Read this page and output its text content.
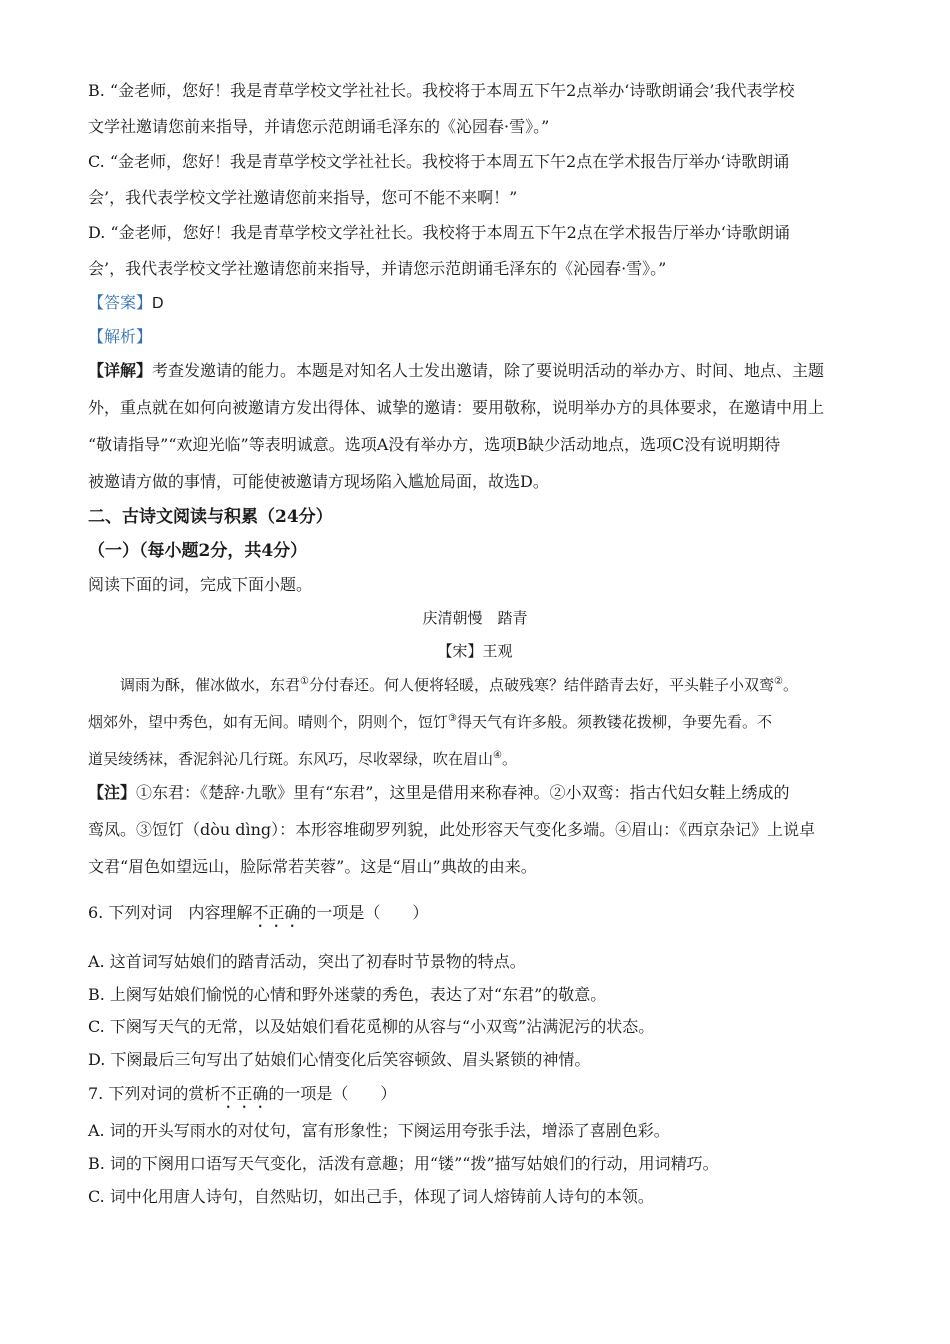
B. “金老师，您好！我是青草学校文学社社长。我校将于本周五下午2点举办‘诗歌朗诵会’我代表学校
文学社邀请您前来指导，并请您示范朗诵毛泽东的《沁园春·雪》。”
C. “金老师，您好！我是青草学校文学社社长。我校将于本周五下午2点在学术报告厅举办‘诗歌朗诵
会’，我代表学校文学社邀请您前来指导，您可不能不来啊！”
D. “金老师，您好！我是青草学校文学社社长。我校将于本周五下午2点在学术报告厅举办‘诗歌朗诵
会’，我代表学校文学社邀请您前来指导，并请您示范朗诵毛泽东的《沁园春·雪》。”
【答案】D
【解析】
【详解】考查发邀请的能力。本题是对知名人士发出邀请，除了要说明活动的举办方、时间、地点、主题
外，重点就在如何向被邀请方发出得体、诚挚的邀请：要用敬称，说明举办方的具体要求，在邀请中用上
“敬请指导”“欢迎光临”等表明诚意。选项A没有举办方，选项B缺少活动地点，选项C没有说明期待
被邀请方做的事情，可能使被邀请方现场陷入尴尬局面，故选D。
二、古诗文阅读与积累（24分）
（一）（每小题2分，共4分）
阅读下面的词，完成下面小题。
庆清朝慢　踏青
【宋】王观
调雨为酥，催冰做水，东君①分付春还。何人便将轻暖，点破残寒？结伴踏青去好，平头鞋子小双鸾②。
烟郊外，望中秀色，如有无间。晴则个，阴则个，饾饤③得天气有许多般。须教镂花拨柳，争要先看。不
道吴绫绣袜，香泥斜沁几行斑。东风巧，尽收翠绿，吹在眉山④。
【注】①东君：《楚辞·九歌》里有“东君”，这里是借用来称春神。②小双鸾：指古代妇女鞋上绣成的
鸾凤。③饾饤（dòu dìng）：本形容堆砌罗列貌，此处形容天气变化多端。④眉山：《西京杂记》上说卓
文君“眉色如望远山，脸际常若芙蓉”。这是“眉山”典故的由来。
6. 下列对词　内容理解不正确的一项是（　　）
A. 这首词写姑娘们的踏青活动，突出了初春时节景物的特点。
B. 上阕写姑娘们愉悦的心情和野外迷蒙的秀色，表达了对“东君”的敬意。
C. 下阕写天气的无常，以及姑娘们看花觅柳的从容与“小双鸾”沾满泥污的状态。
D. 下阕最后三句写出了姑娘们心情变化后笑容顿敛、眉头紧锁的神情。
7. 下列对词的赏析不正确的一项是（　　）
A. 词的开头写雨水的对仗句，富有形象性；下阕运用夸张手法，增添了喜剧色彩。
B. 词的下阕用口语写天气变化，活泼有意趣；用“镂”“拨”描写姑娘们的行动，用词精巧。
C. 词中化用唐人诗句，自然贴切，如出己手，体现了词人熔铸前人诗句的本领。
